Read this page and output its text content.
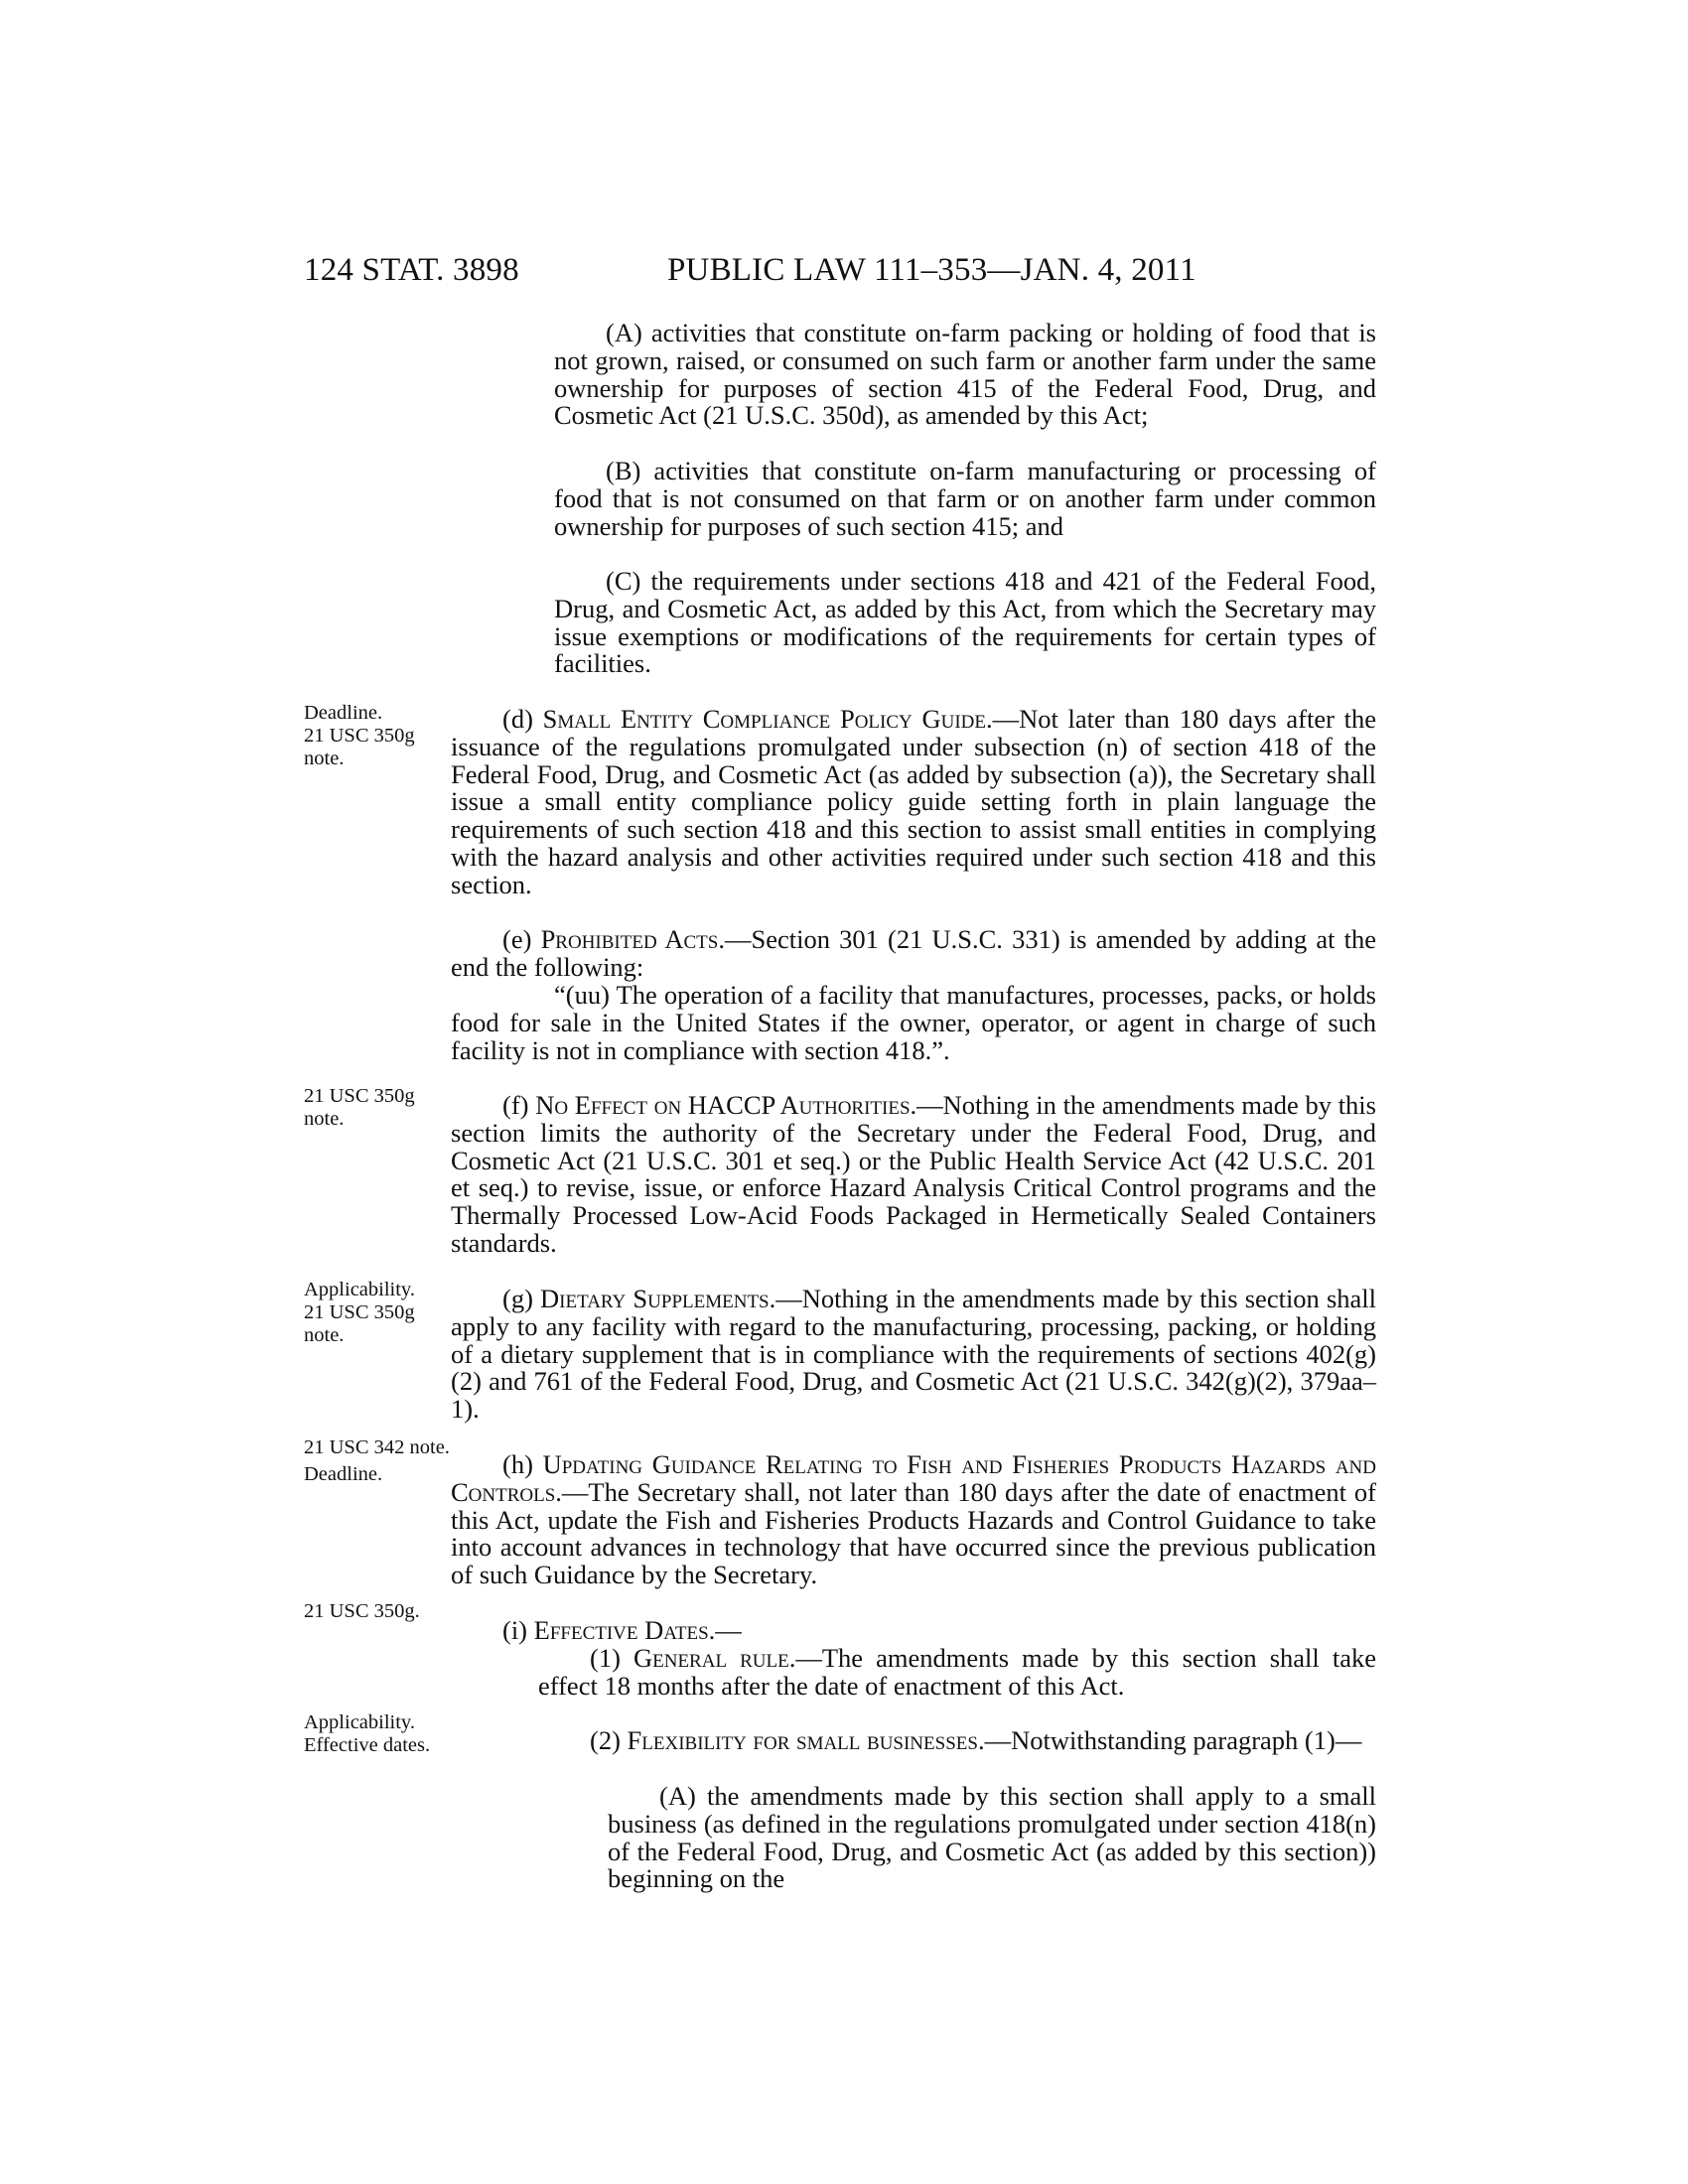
124 STAT. 3898	PUBLIC LAW 111–353—JAN. 4, 2011
Deadline.
21 USC 350g
note.
21 USC 350g
note.
Applicability.
21 USC 350g
note.
21 USC 342 note.
Deadline.
21 USC 350g.
Applicability.
Effective dates.

(A) activities that constitute on-farm packing or holding of food that is not grown, raised, or consumed on such farm or another farm under the same ownership for purposes of section 415 of the Federal Food, Drug, and Cosmetic Act (21 U.S.C. 350d), as amended by this Act;

(B) activities that constitute on-farm manufacturing or processing of food that is not consumed on that farm or on another farm under common ownership for purposes of such section 415; and

(C) the requirements under sections 418 and 421 of the Federal Food, Drug, and Cosmetic Act, as added by this Act, from which the Secretary may issue exemptions or modifications of the requirements for certain types of facilities.

(d) Small Entity Compliance Policy Guide.—Not later than 180 days after the issuance of the regulations promulgated under subsection (n) of section 418 of the Federal Food, Drug, and Cosmetic Act (as added by subsection (a)), the Secretary shall issue a small entity compliance policy guide setting forth in plain language the requirements of such section 418 and this section to assist small entities in complying with the hazard analysis and other activities required under such section 418 and this section.

(e) Prohibited Acts.—Section 301 (21 U.S.C. 331) is amended by adding at the end the following:

“(uu) The operation of a facility that manufactures, processes, packs, or holds food for sale in the United States if the owner, operator, or agent in charge of such facility is not in compliance with section 418.”.

(f) No Effect on HACCP Authorities.—Nothing in the amendments made by this section limits the authority of the Secretary under the Federal Food, Drug, and Cosmetic Act (21 U.S.C. 301 et seq.) or the Public Health Service Act (42 U.S.C. 201 et seq.) to revise, issue, or enforce Hazard Analysis Critical Control programs and the Thermally Processed Low-Acid Foods Packaged in Hermetically Sealed Containers standards.

(g) Dietary Supplements.—Nothing in the amendments made by this section shall apply to any facility with regard to the manufacturing, processing, packing, or holding of a dietary supplement that is in compliance with the requirements of sections 402(g)(2) and 761 of the Federal Food, Drug, and Cosmetic Act (21 U.S.C. 342(g)(2), 379aa–1).

(h) Updating Guidance Relating to Fish and Fisheries Products Hazards and Controls.—The Secretary shall, not later than 180 days after the date of enactment of this Act, update the Fish and Fisheries Products Hazards and Control Guidance to take into account advances in technology that have occurred since the previous publication of such Guidance by the Secretary.

(i) Effective Dates.—

(1) General rule.—The amendments made by this section shall take effect 18 months after the date of enactment of this Act.

(2) Flexibility for small businesses.—Notwithstanding paragraph (1)—

(A) the amendments made by this section shall apply to a small business (as defined in the regulations promulgated under section 418(n) of the Federal Food, Drug, and Cosmetic Act (as added by this section)) beginning on the
